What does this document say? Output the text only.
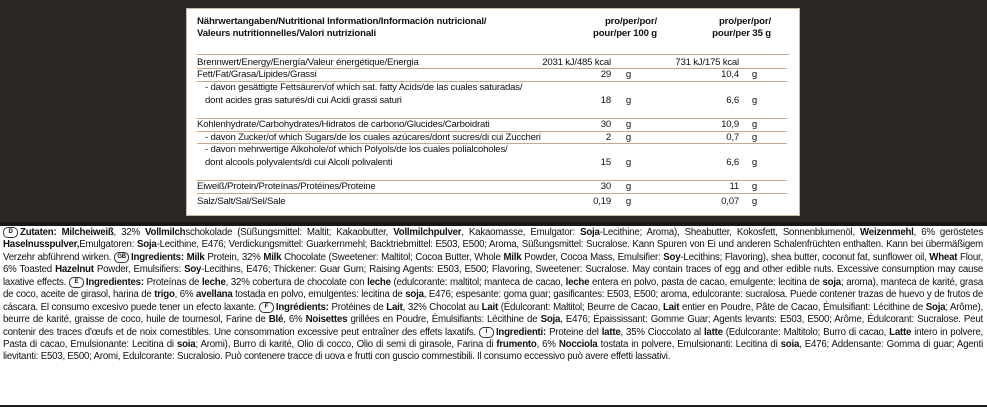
Nährwertangaben/Nutritional Information/Información nutricional/
Valeurs nutritionnelles/Valori nutrizionali
pro/per/por/
pour/per 100 g
pro/per/por/
pour/per 35 g
Brennwert/Energy/Energía/Valeur énergétique/Energia	2031 kJ/485 kcal	731 kJ/175 kcal
Fett/Fat/Grasa/Lipides/Grassi	29	g	10,4	g
- davon gesättigte Fettsäuren/of which sat. fatty Acids/de las cuales saturadas/
dont acides gras saturés/di cui Acidi grassi saturi	18	g	6,6	g
Kohlenhydrate/Carbohydrates/Hidratos de carbono/Glucides/Carboidrati	30	g	10,9	g
- davon Zucker/of which Sugars/de los cuales azúcares/dont sucres/di cui Zuccheri	2	g	0,7	g
- davon mehrwertige Alkohole/of which Polyols/de los cuales polialcoholes/
dont alcools polyvalents/di cui Alcoli polivalenti	15	g	6,6	g
Eiweiß/Protein/Proteínas/Protéines/Proteine	30	g	11	g
Salz/Salt/Sal/Sel/Sale	0,19	g	0,07	g
D Zutaten: Milcheiweiß, 32% Vollmilchschokolade (Süßungsmittel: Maltit; Kakaobutter, Vollmilchpulver, Kakaomasse, Emulgator: Soja-Lecithine; Aroma), Sheabutter, Kokosfett, Sonnenblumenöl, Weizenmehl, 6% geröstetes Haselnusspulver,Emulgatoren: Soja-Lecithine, E476; Verdickungsmittel: Guarkernmehl; Backtriebmittel: E503, E500; Aroma, Süßungsmittel: Sucralose. Kann Spuren von Ei und anderen Schalenfrüchten enthalten. Kann bei übermäßigem Verzehr abführend wirken. GB Ingredients: Milk Protein, 32% Milk Chocolate (Sweetener: Maltitol; Cocoa Butter, Whole Milk Powder, Cocoa Mass, Emulsifier: Soy-Lecithins; Flavoring), shea butter, coconut fat, sunflower oil, Wheat Flour, 6% Toasted Hazelnut Powder, Emulsifiers: Soy-Lecithins, E476; Thickener: Guar Gum; Raising Agents: E503, E500; Flavoring, Sweetener: Sucralose. May contain traces of egg and other edible nuts. Excessive consumption may cause laxative effects. E Ingredientes: Proteínas de leche, 32% cobertura de chocolate con leche (edulcorante: maltitol; manteca de cacao, leche entera en polvo, pasta de cacao, emulgente: lecitina de soja; aroma), manteca de karité, grasa de coco, aceite de girasol, harina de trigo, 6% avellana tostada en polvo, emulgentes: lecitina de soja, E476; espesante: goma guar; gasificantes: E503, E500; aroma, edulcorante: sucralosa. Puede contener trazas de huevo y de frutos de cáscara. El consumo excesivo puede tener un efecto laxante. F Ingrédients: Protéines de Lait, 32% Chocolat au Lait (Édulcorant: Maltitol; Beurre de Cacao, Lait entier en Poudre, Pâte de Cacao, Émulsifiant: Lécithine de Soja; Arôme), beurre de karité, graisse de coco, huile de tournesol, Farine de Blé, 6% Noisettes grillées en Poudre, Émulsifiants: Lécithine de Soja, E476; Épaississant: Gomme Guar; Agents levants: E503, E500; Arôme, Édulcorant: Sucralose. Peut contenir des traces d'œufs et de noix comestibles. Une consommation excessive peut entraîner des effets laxatifs. I Ingredienti: Proteine del latte, 35% Cioccolato al latte (Edulcorante: Maltitolo; Burro di cacao, Latte intero in polvere, Pasta di cacao, Emulsionante: Lecitina di soia; Aromi), Burro di karité, Olio di cocco, Olio di semi di girasole, Farina di frumento, 6% Nocciola tostata in polvere, Emulsionanti: Lecitina di soia, E476; Addensante: Gomma di guar; Agenti lievitanti: E503, E500; Aromi, Edulcorante: Sucralosio. Può contenere tracce di uova e frutti con guscio commestibili. Il consumo eccessivo può avere effetti lassativi.
